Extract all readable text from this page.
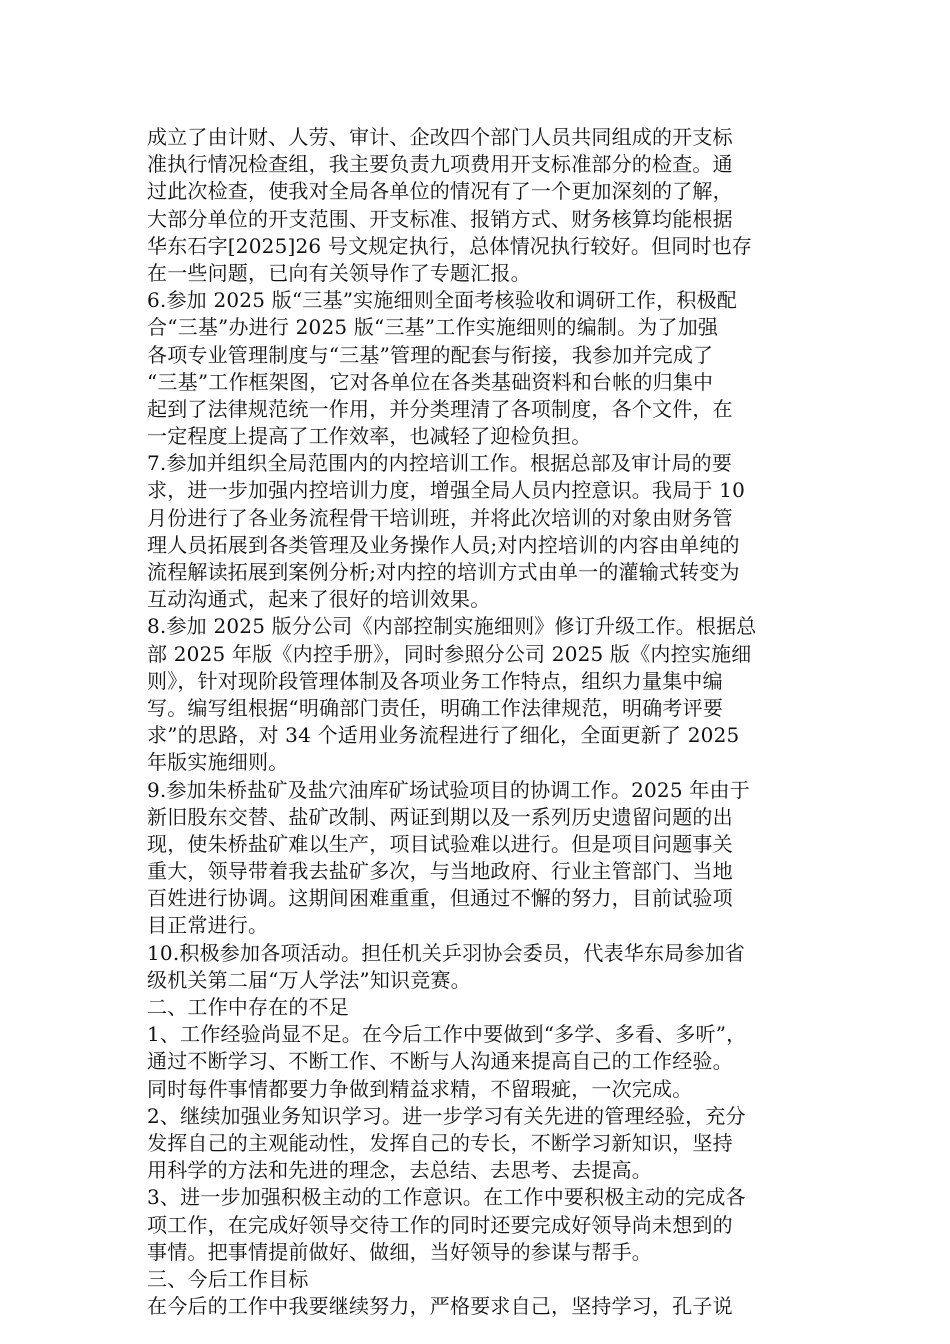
成立了由计财、人劳、审计、企改四个部门人员共同组成的开支标
准执行情况检查组，我主要负责九项费用开支标准部分的检查。通
过此次检查，使我对全局各单位的情况有了一个更加深刻的了解，
大部分单位的开支范围、开支标准、报销方式、财务核算均能根据
华东石字[2025]26 号文规定执行，总体情况执行较好。但同时也存
在一些问题，已向有关领导作了专题汇报。
6.参加 2025 版“三基”实施细则全面考核验收和调研工作，积极配
合“三基”办进行 2025 版“三基”工作实施细则的编制。为了加强
各项专业管理制度与“三基”管理的配套与衔接，我参加并完成了
“三基”工作框架图，它对各单位在各类基础资料和台帐的归集中
起到了法律规范统一作用，并分类理清了各项制度，各个文件，在
一定程度上提高了工作效率，也减轻了迎检负担。
7.参加并组织全局范围内的内控培训工作。根据总部及审计局的要
求，进一步加强内控培训力度，增强全局人员内控意识。我局于 10
月份进行了各业务流程骨干培训班，并将此次培训的对象由财务管
理人员拓展到各类管理及业务操作人员;对内控培训的内容由单纯的
流程解读拓展到案例分析;对内控的培训方式由单一的灌输式转变为
互动沟通式，起来了很好的培训效果。
8.参加 2025 版分公司《内部控制实施细则》修订升级工作。根据总
部 2025 年版《内控手册》，同时参照分公司 2025 版《内控实施细
则》，针对现阶段管理体制及各项业务工作特点，组织力量集中编
写。编写组根据“明确部门责任，明确工作法律规范，明确考评要
求”的思路，对 34 个适用业务流程进行了细化，全面更新了 2025
年版实施细则。
9.参加朱桥盐矿及盐穴油库矿场试验项目的协调工作。2025 年由于
新旧股东交替、盐矿改制、两证到期以及一系列历史遗留问题的出
现，使朱桥盐矿难以生产，项目试验难以进行。但是项目问题事关
重大，领导带着我去盐矿多次，与当地政府、行业主管部门、当地
百姓进行协调。这期间困难重重，但通过不懈的努力，目前试验项
目正常进行。
10.积极参加各项活动。担任机关乒羽协会委员，代表华东局参加省
级机关第二届“万人学法”知识竞赛。
二、工作中存在的不足
1、工作经验尚显不足。在今后工作中要做到“多学、多看、多听”，
通过不断学习、不断工作、不断与人沟通来提高自己的工作经验。
同时每件事情都要力争做到精益求精，不留瑕疵，一次完成。
2、继续加强业务知识学习。进一步学习有关先进的管理经验，充分
发挥自己的主观能动性，发挥自己的专长，不断学习新知识，坚持
用科学的方法和先进的理念，去总结、去思考、去提高。
3、进一步加强积极主动的工作意识。在工作中要积极主动的完成各
项工作，在完成好领导交待工作的同时还要完成好领导尚未想到的
事情。把事情提前做好、做细，当好领导的参谋与帮手。
三、今后工作目标
在今后的工作中我要继续努力，严格要求自己，坚持学习，孔子说
